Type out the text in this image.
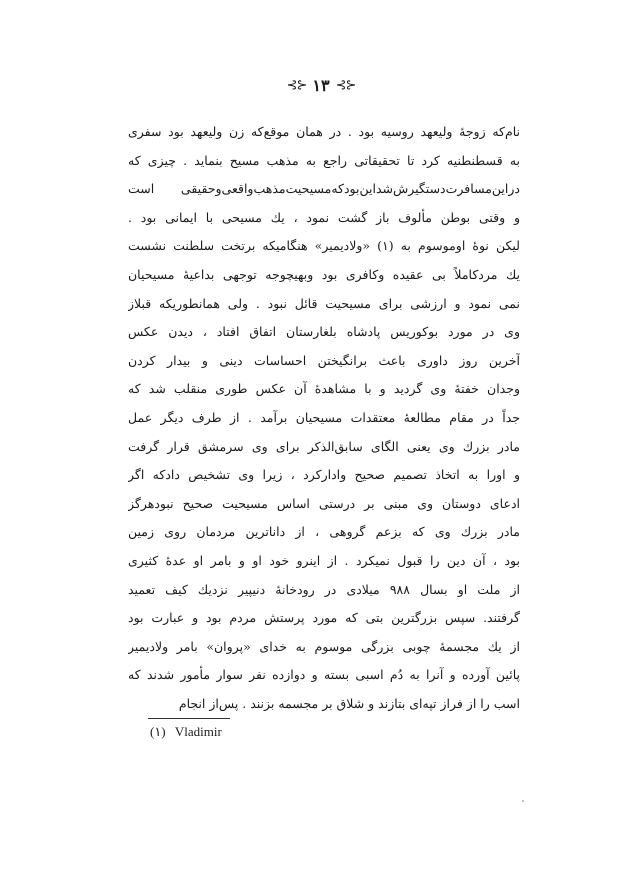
⊰⊱
۱۳
⊰⊱
نام‌که زوجهٔ ولیعهد روسیه بود . در همان موقع‌که زن ولیعهد بود سفری
به قسطنطنیه کرد تا تحقیقاتی راجع به مذهب مسیح بنماید . چیزی که
دراین‌مسافرت‌دستگیرش‌شداین‌بودکه‌مسیحیت‌مذهب‌واقعی‌وحقیقی است
و وقتی بوطن مألوف باز گشت نمود ، یك مسیحی با ایمانی بود .
لیکن نوهٔ اوموسوم به (۱) «ولادیمیر» هنگامیکه برتخت سلطنت نشست
یك مردکاملاً بی عقیده وکافری بود وبهیچوجه توجهی بداعیهٔ مسیحیان
نمی نمود و ارزشی برای مسیحیت قائل نبود . ولی همانطوریکه قبلاز
وی در مورد بوکوریس پادشاه بلغارستان اتفاق افتاد ، دیدن عکس
آخرین روز داوری باعث برانگیختن احساسات دینی و بیدار کردن
وجدان خفتهٔ وی گردید و با مشاهدهٔ آن عکس طوری منقلب شد که
جداً در مقام مطالعهٔ معتقدات مسیحیان برآمد . از طرف دیگر عمل
مادر بزرك وی یعنی الگای سابق‌الذکر برای وی سرمشق قرار گرفت
و اورا به اتخاذ تصمیم صحیح وادارکرد ، زیرا وی تشخیص دادکه اگر
ادعای دوستان وی مبنی بر درستی اساس مسیحیت صحیح نبودهرگز
مادر بزرك وی که بزعم گروهی ، از داناترین مردمان روی زمین
بود ، آن دین را قبول نمیکرد . از اینرو خود او و بامر او عدهٔ کثیری
از ملت او بسال ۹۸۸ میلادی در رودخانهٔ دنیپیر نزدیك کیف تعمید
گرفتند. سپس بزرگترین بتی که مورد پرستش مردم بود و عبارت بود
از یك مجسمهٔ چوبی بزرگی موسوم به خدای «پروان» بامر ولادیمیر
پائین آورده و آنرا به دُم اسبی بسته و دوازده نفر سوار مأمور شدند که
اسب را از فراز تپه‌ای بتازند و شلاق بر مجسمه بزنند . پس‌از انجام
(۱) Vladimir
